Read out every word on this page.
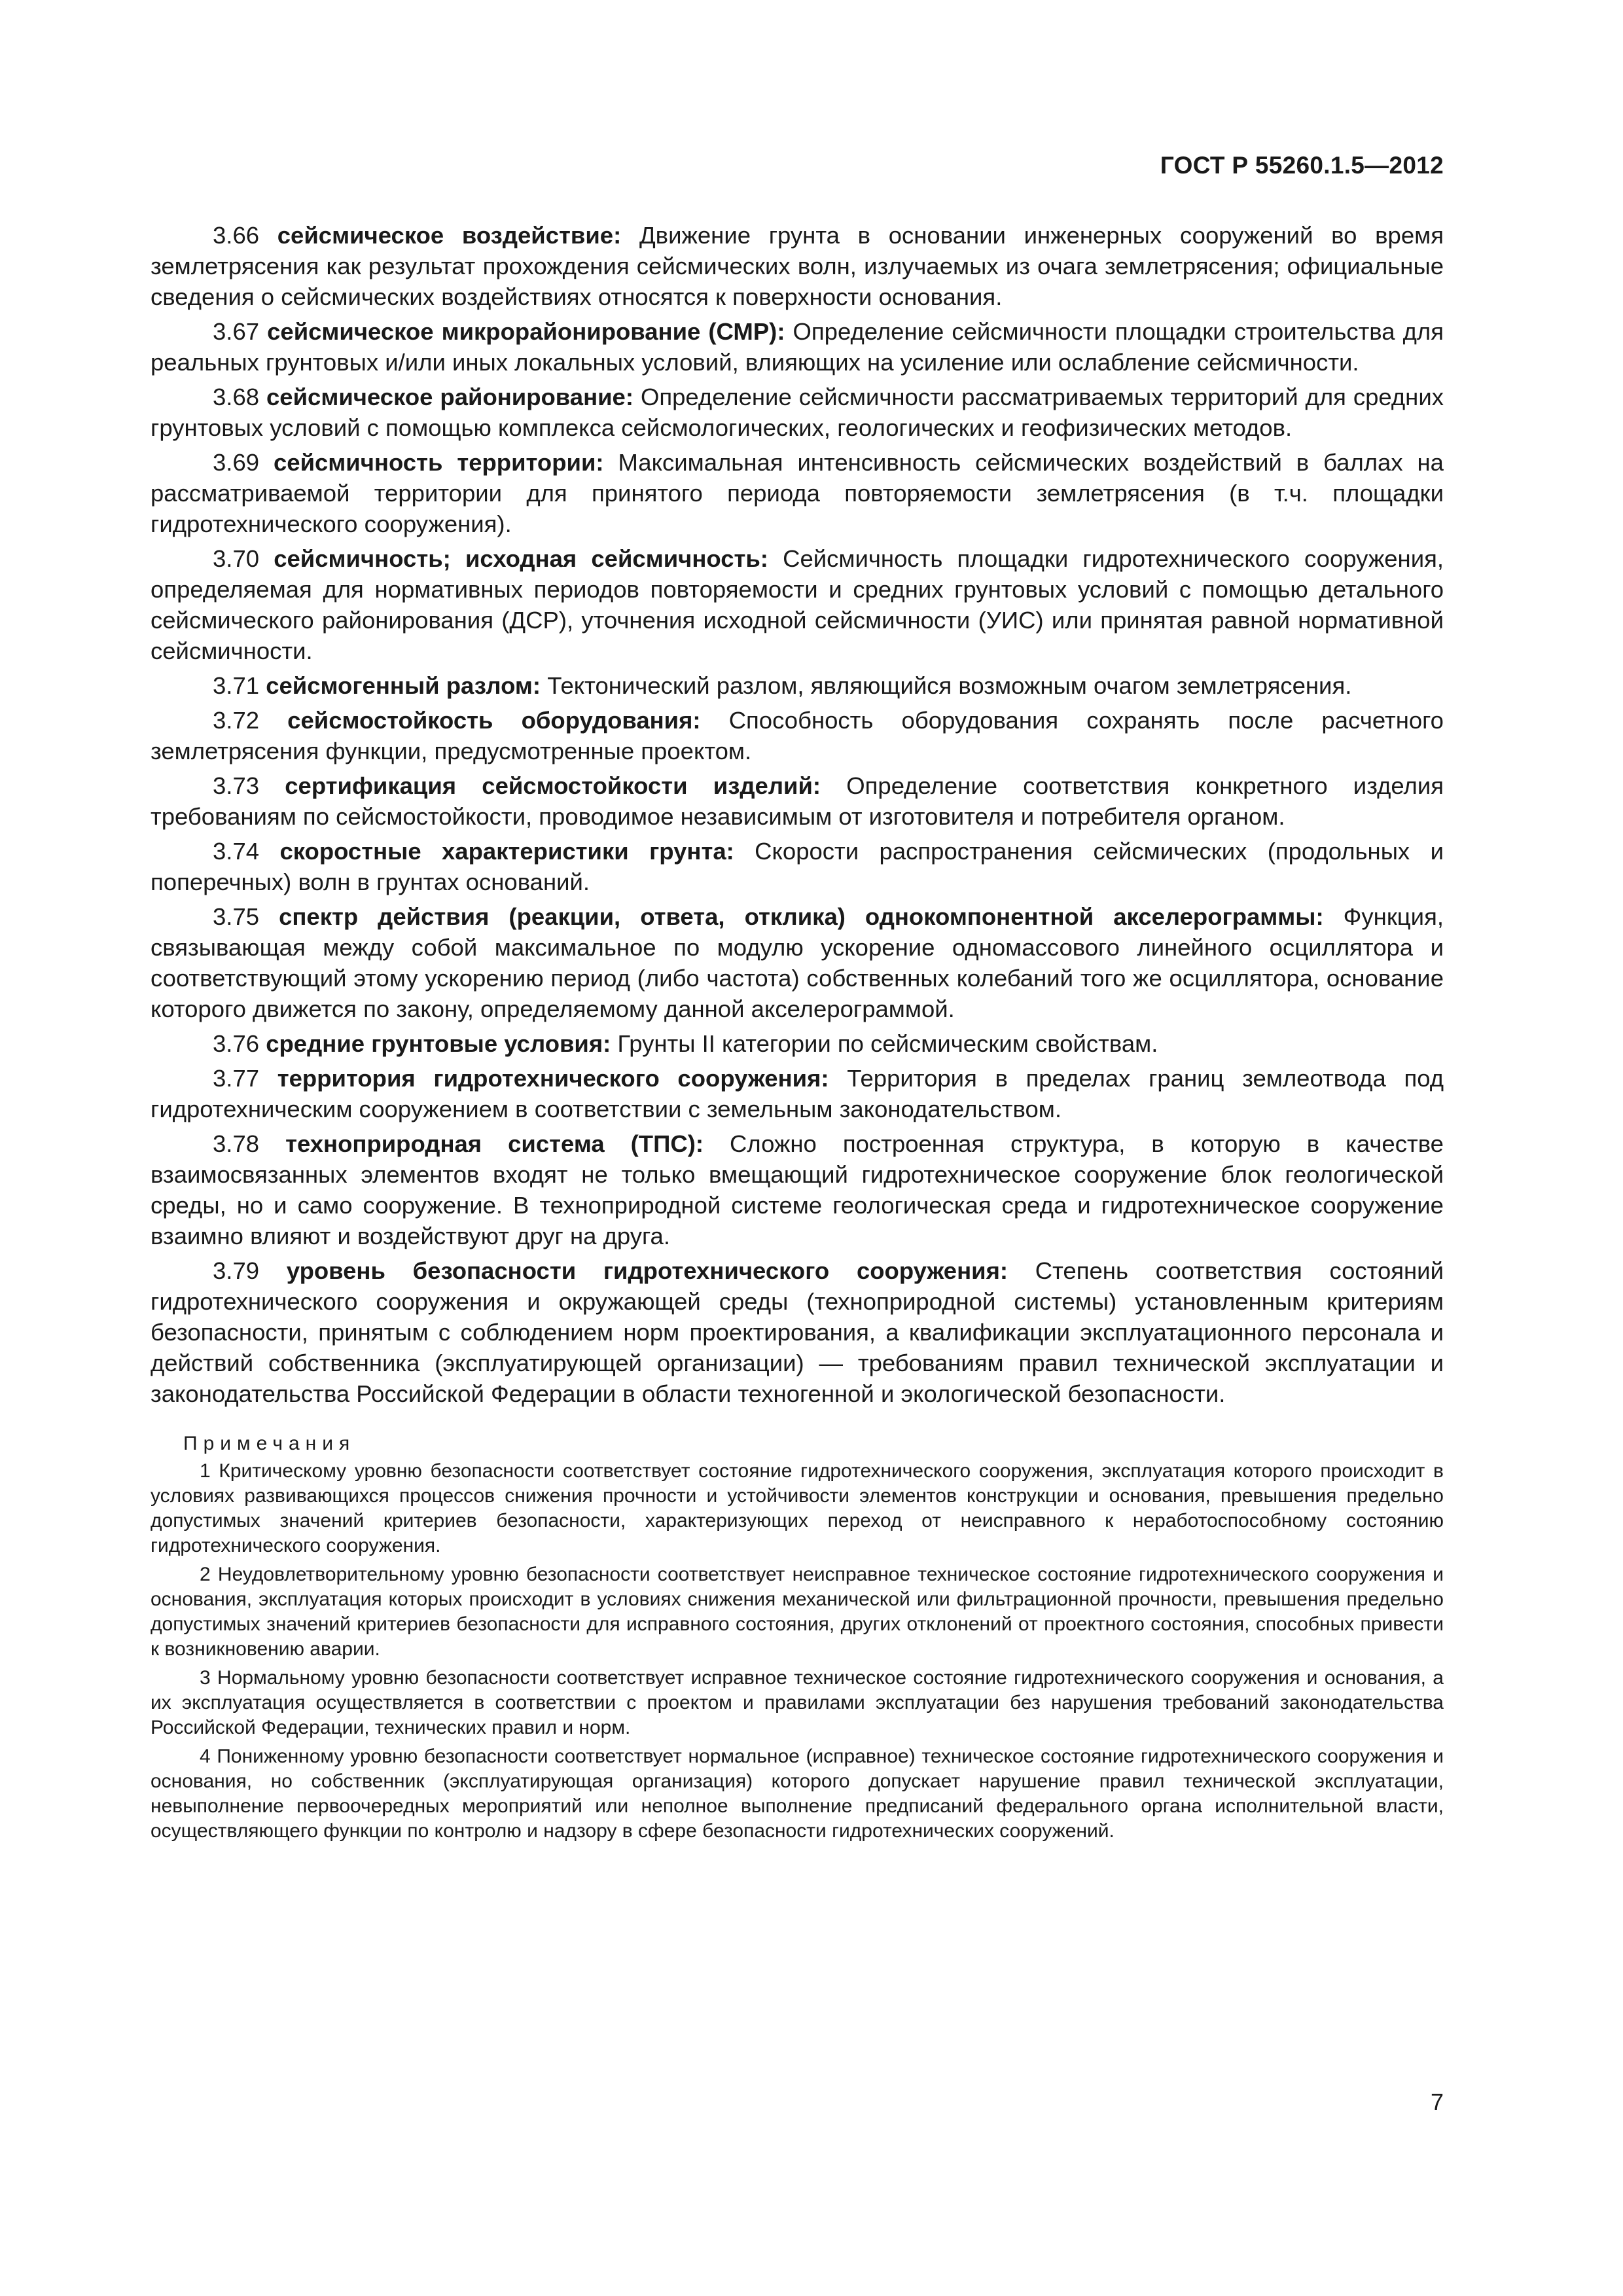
ГОСТ Р 55260.1.5—2012

3.66 сейсмическое воздействие: Движение грунта в основании инженерных сооружений во время землетрясения как результат прохождения сейсмических волн, излучаемых из очага землетрясения; официальные сведения о сейсмических воздействиях относятся к поверхности основания.

3.67 сейсмическое микрорайонирование (СМР): Определение сейсмичности площадки строительства для реальных грунтовых и/или иных локальных условий, влияющих на усиление или ослабление сейсмичности.

3.68 сейсмическое районирование: Определение сейсмичности рассматриваемых территорий для средних грунтовых условий с помощью комплекса сейсмологических, геологических и геофизических методов.

3.69 сейсмичность территории: Максимальная интенсивность сейсмических воздействий в баллах на рассматриваемой территории для принятого периода повторяемости землетрясения (в т.ч. площадки гидротехнического сооружения).

3.70 сейсмичность; исходная сейсмичность: Сейсмичность площадки гидротехнического сооружения, определяемая для нормативных периодов повторяемости и средних грунтовых условий с помощью детального сейсмического районирования (ДСР), уточнения исходной сейсмичности (УИС) или принятая равной нормативной сейсмичности.

3.71 сейсмогенный разлом: Тектонический разлом, являющийся возможным очагом землетрясения.

3.72 сейсмостойкость оборудования: Способность оборудования сохранять после расчетного землетрясения функции, предусмотренные проектом.

3.73 сертификация сейсмостойкости изделий: Определение соответствия конкретного изделия требованиям по сейсмостойкости, проводимое независимым от изготовителя и потребителя органом.

3.74 скоростные характеристики грунта: Скорости распространения сейсмических (продольных и поперечных) волн в грунтах оснований.

3.75 спектр действия (реакции, ответа, отклика) однокомпонентной акселерограммы: Функция, связывающая между собой максимальное по модулю ускорение одномассового линейного осциллятора и соответствующий этому ускорению период (либо частота) собственных колебаний того же осциллятора, основание которого движется по закону, определяемому данной акселерограммой.

3.76 средние грунтовые условия: Грунты II категории по сейсмическим свойствам.

3.77 территория гидротехнического сооружения: Территория в пределах границ землеотвода под гидротехническим сооружением в соответствии с земельным законодательством.

3.78 технoприродная система (ТПС): Сложно построенная структура, в которую в качестве взаимосвязанных элементов входят не только вмещающий гидротехническое сооружение блок геологической среды, но и само сооружение. В технoприродной системе геологическая среда и гидротехническое сооружение взаимно влияют и воздействуют друг на друга.

3.79 уровень безопасности гидротехнического сооружения: Степень соответствия состояний гидротехнического сооружения и окружающей среды (технoприродной системы) установленным критериям безопасности, принятым с соблюдением норм проектирования, а квалификации эксплуатационного персонала и действий собственника (эксплуатирующей организации) — требованиям правил технической эксплуатации и законодательства Российской Федерации в области техногенной и экологической безопасности.

Примечания

1 Критическому уровню безопасности соответствует состояние гидротехнического сооружения, эксплуатация которого происходит в условиях развивающихся процессов снижения прочности и устойчивости элементов конструкции и основания, превышения предельно допустимых значений критериев безопасности, характеризующих переход от неисправного к неработоспособному состоянию гидротехнического сооружения.

2 Неудовлетворительному уровню безопасности соответствует неисправное техническое состояние гидротехнического сооружения и основания, эксплуатация которых происходит в условиях снижения механической или фильтрационной прочности, превышения предельно допустимых значений критериев безопасности для исправного состояния, других отклонений от проектного состояния, способных привести к возникновению аварии.

3 Нормальному уровню безопасности соответствует исправное техническое состояние гидротехнического сооружения и основания, а их эксплуатация осуществляется в соответствии с проектом и правилами эксплуатации без нарушения требований законодательства Российской Федерации, технических правил и норм.

4 Пониженному уровню безопасности соответствует нормальное (исправное) техническое состояние гидротехнического сооружения и основания, но собственник (эксплуатирующая организация) которого допускает нарушение правил технической эксплуатации, невыполнение первоочередных мероприятий или неполное выполнение предписаний федерального органа исполнительной власти, осуществляющего функции по контролю и надзору в сфере безопасности гидротехнических сооружений.

7
